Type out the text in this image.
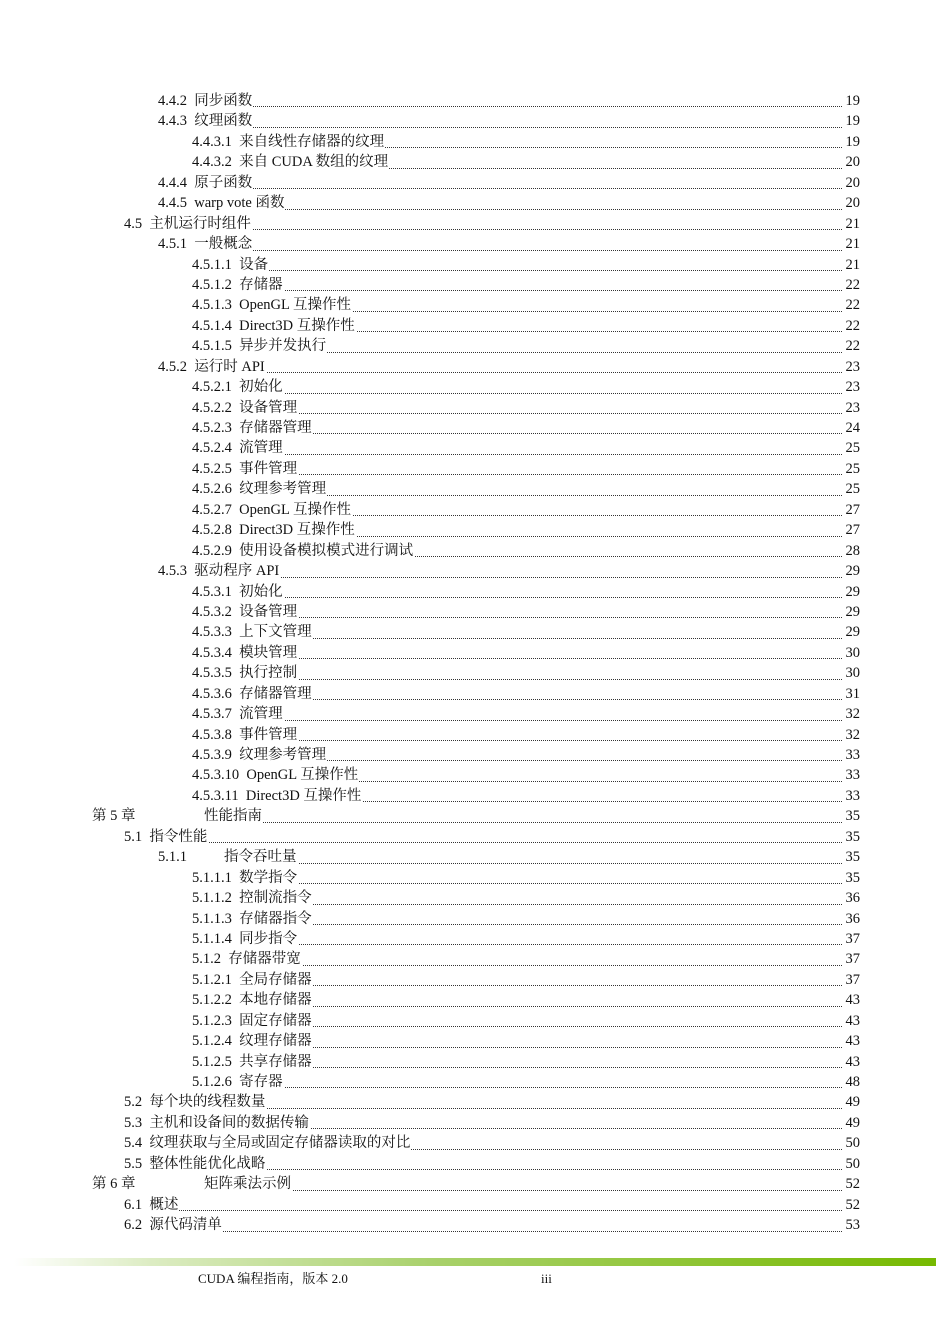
4.4.2 同步函数	19
4.4.3 纹理函数	19
4.4.3.1 来自线性存储器的纹理	19
4.4.3.2 来自 CUDA 数组的纹理	20
4.4.4 原子函数	20
4.4.5 warp vote 函数	20
4.5 主机运行时组件	21
4.5.1 一般概念	21
4.5.1.1 设备	21
4.5.1.2 存储器	22
4.5.1.3 OpenGL 互操作性	22
4.5.1.4 Direct3D 互操作性	22
4.5.1.5 异步并发执行	22
4.5.2 运行时 API	23
4.5.2.1 初始化	23
4.5.2.2 设备管理	23
4.5.2.3 存储器管理	24
4.5.2.4 流管理	25
4.5.2.5 事件管理	25
4.5.2.6 纹理参考管理	25
4.5.2.7 OpenGL 互操作性	27
4.5.2.8 Direct3D 互操作性	27
4.5.2.9 使用设备模拟模式进行调试	28
4.5.3 驱动程序 API	29
4.5.3.1 初始化	29
4.5.3.2 设备管理	29
4.5.3.3 上下文管理	29
4.5.3.4 模块管理	30
4.5.3.5 执行控制	30
4.5.3.6 存储器管理	31
4.5.3.7 流管理	32
4.5.3.8 事件管理	32
4.5.3.9 纹理参考管理	33
4.5.3.10 OpenGL 互操作性	33
4.5.3.11 Direct3D 互操作性	33
第 5 章	性能指南	35
5.1 指令性能	35
5.1.1	指令吞吐量	35
5.1.1.1 数学指令	35
5.1.1.2 控制流指令	36
5.1.1.3 存储器指令	36
5.1.1.4 同步指令	37
5.1.2 存储器带宽	37
5.1.2.1 全局存储器	37
5.1.2.2 本地存储器	43
5.1.2.3 固定存储器	43
5.1.2.4 纹理存储器	43
5.1.2.5 共享存储器	43
5.1.2.6 寄存器	48
5.2 每个块的线程数量	49
5.3 主机和设备间的数据传输	49
5.4 纹理获取与全局或固定存储器读取的对比	50
5.5 整体性能优化战略	50
第 6 章	矩阵乘法示例	52
6.1 概述	52
6.2 源代码清单	53
CUDA 编程指南，版本 2.0	iii
